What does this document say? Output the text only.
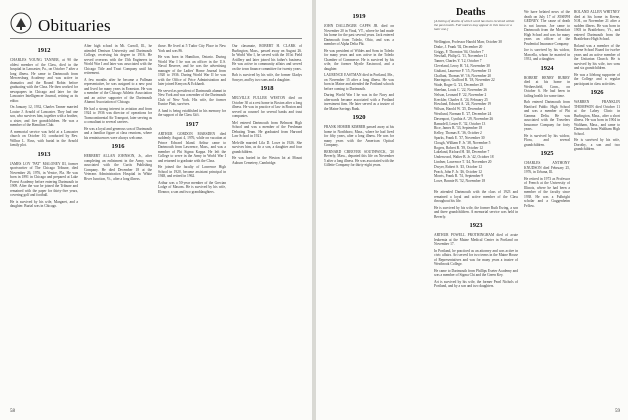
Obituaries
1912

CHARLES YOUNG TANNER, at 90 the oldest member of the Class, died in the hospital in Lancaster, Pa., on October 7 after a long illness. He came to Dartmouth from Mercersburg Academy and was active in dramatics and the Round Robin before graduating with the Class. He then worked for newspapers in Chicago and later for the Lancaster Intelligencer Journal, retiring as its editor.

On January 12, 1932, Charles Tanner married Louise J. Arnold of Lancaster. They had one son, who survives him, together with a brother, a sister, and five grandchildren. He was a member of the Hamilton Club.

A memorial service was held at a Lancaster church on October 10, conducted by Rev. Wilbur L. Ross, with burial in the Arnold family plot.

1913

JAMES LOY "PAT" MALONEY III, former sportswriter of The Chicago Tribune, died November 26, 1976, in Venice, Fla. He was born in 1891 in Chicago and prepared at Lake Forest Academy before entering Dartmouth in 1909. After the war he joined the Tribune and remained with the paper for thirty-five years, covering golf and football.

He is survived by his wife, Margaret, and a daughter. Burial was in Chicago.

After high school in Mt. Carroll, Ill., he attended Denison University and Dartmouth College, receiving his degree in 1916. He served overseas with the 15th Engineers in World War I and later was associated with the Chicago Title and Trust Company until his retirement.

A few months after he became a Pullman representative, he was assigned to a new post and lived for many years in Evanston. He was a member of the Chicago Athletic Association and an active supporter of the Dartmouth Alumni Association of Chicago.

He had a strong interest in aviation and from 1924 to 1936 was director of operations for Transcontinental Air Transport, later serving as a consultant to several carriers.

He was a loyal and generous son of Dartmouth and a familiar figure at class reunions, where his reminiscences were always welcome.

1916

HERBERT ALLAN JOHNSON, Jr., after completing an enlistment in the Army, was associated with the Curtis Publishing Company. He died December 18 at the Veterans Administration Hospital in White River Junction, Vt., after a long illness.

those. He lived at 5 Tudor City Place in New York and was 86.

He was born in Hamilton, Ontario. During World War I he was an officer in the U.S. Naval Reserve, and he was the advertising manager of the Ladies' Home Journal from 1920 to 1936. During World War II he was with the Office of Price Administration and later joined Kenyon & Eckhardt.

He served as president of Dartmouth alumni in New York and was a member of the Dartmouth Club of New York. His wife, the former Eunice Platt, survives.

A fund is being established in his memory for the support of the Class Gift.

1917

ARTHUR GORDON MARSDEN died suddenly August 4, 1976, while on vacation at Prince Edward Island. Arthur came to Dartmouth from Lawrence, Mass., and was a member of Phi Sigma Kappa. He left the College to serve in the Army in World War I and returned to graduate with the Class.

He joined the faculty of Lawrence High School in 1920, became assistant principal in 1948, and retired in 1962.

Arthur was a 50-year member of the Grecian Lodge of Masons. He is survived by his wife, Eleanor, a son and two granddaughters.

Our classmate, ROBERT H. CLARK of Burlington, Mass., passed away on August 26. In World War I, he served with the 101st Field Artillery and later joined his father's business. He was active in community affairs and served on the town finance committee for twenty years.

Bob is survived by his wife, the former Gladys Sawyer, and by two sons and a daughter.

1918

MELVILLE FULLER WESTON died on October 30 at a rest home in Boston after a long illness. He was in practice of law in Boston and served as counsel for several banks and trust companies.

Mel entered Dartmouth from Belmont High School and was a member of the Freshman Debating Team. He graduated from Harvard Law School in 1921.

Melville married Lila D. Lowe in 1926. She survives him, as do a son, a daughter and four grandchildren.

He was buried in the Weston lot at Mount Auburn Cemetery, Cambridge.

58
1919

JOHN DALLINGER CAPPS JR. died on November 20 in Vinal, VT., where he had made his home for the past several years. Jack entered Dartmouth from Toledo, Ohio, and was a member of Alpha Delta Phi.

He was president of Wildes and Sons in Toledo for many years and was active in the Toledo Chamber of Commerce. He is survived by his wife, the former Myrtle Eastwood, and a daughter.

LAURENCE EASTMAN died in Portland, Me., on November 15 after a long illness. He was born in Maine and attended the Portland schools before coming to Dartmouth.

During World War I he was in the Navy and afterwards became associated with a Portland investment firm. He later served as a trustee of the Maine Savings Bank.

1920

FRANK HOMER KIMBER passed away at his home in Northboro, Mass., where he had lived for fifty years, after a long illness. He was for many years with the American Optical Company.

BERNARD CREEVER SOUTHWICK, '20 Beverly, Mass., departed this life on November 5 after a long illness. He was associated with the Gillette Company for thirty-eight years.

Deaths
[A listing of deaths of which word has been received within the past month. Full notices may appear in this issue or a later one.]
Wellington, Professor Harold Marr, October 30
Drake, J. Frank '02, December 20
Griggs, F. Thornton '04, October 7
Newhall, Philip G. '11, November 11
Tanner, Charles Y. '12, October 7
Cleveland, Leroy H. '14, November 30
Giuliani, Laurence F. '15, November 13
Chalfant, Thomas W. '16, November 20
Harrington, Guilford R. '18, November 22
Wade, Roger G. '21, December 28
Sheehan, Louis C. '22, November 26
Nelson, Leonard F. '22, November 2
Kreckler, Charles A. '24, February 25
Howland, Edward A. '24, November 19
Wilson, Harold W. '25, December 4
Westlund, Norman E. '27, December 24
Davenport, Cynthia A. '29, November 26
Ramsdell, Lester E. '32, October 13
Rice, James R. '33, September 18
Kelley, Thomas E. '36, October 2
Sparks, Frank E. '37, November 30
Clough, William F. Jr. '38, November 5
Rogers, Robert B. '39, October 12
Lakeland, Richard H. '40, December 7
Underwood, Walter B. Jr. '42, October 18
Lindner, Lawrence T. '44, November 20
Dwyer, Robert S. '45, October 12
Peach, John F. Jr. '46, October 12
Morris, Frank R. '51, September 9
Lowe, Bonnie B. '52, November 18

He attended Dartmouth with the class of 1923 and remained a loyal and active member of the Class throughout his life.

He is survived by his wife, the former Ruth Ewing, a son and three grandchildren. A memorial service was held in Beverly.

1923

ARTHUR POWELL PROTHINGHAM died of acute leukemia at the Maine Medical Center in Portland on November 17.

In Portland, he practiced as an attorney and was active in civic affairs. Art served for two terms in the Maine House of Representatives and was for many years a trustee of Westbrook College.

He came to Dartmouth from Phillips Exeter Academy and was a member of Sigma Chi and the Green Key.

Art is survived by his wife, the former Pearl Nichols of Portland, and by a son and two daughters.

We have belated news of the death on July 17 of JOSEPH GEDNEY. The cause of death is not known. Joe came to Dartmouth from the Montclair High School and was for many years an officer of the Prudential Insurance Company.

Joe is survived by his widow, Marcella, whom he married in 1931, and a daughter.

1924

ROBERT HENRY BURRY died at his home in Wethersfield, Conn., on October 6. He had been in failing health for some time.

Bob entered Dartmouth from Hartford Public High School and was a member of Phi Gamma Delta. He was associated with the Travelers Insurance Company for forty years.

He is survived by his widow, Flora, and several grandchildren.

1925

CHARLES ANTHONY KNUDSON died February 25, 1976, in Urbana, Ill.

He retired in 1973 as Professor of French at the University of Illinois, where he had been a member of the faculty since 1938. He was a Fulbright scholar and a Guggenheim Fellow.

ROLAND ALLEN WHITNEY died at his home in Keene, N.H., on November 21 after a sudden illness. He was born in 1903 in Brattleboro, Vt., and entered Dartmouth from the Brattleboro High School.

Roland was a member of the Keene School Board for twelve years and an active member of the Unitarian Church. He is survived by his wife, two sons and six grandchildren.

He was a lifelong supporter of the College and a regular participant in class activities.

1926

WARREN FRANKLIN THOMPSON died October 11 at the Lahey Clinic in Burlington, Mass., after a short illness. He was born in 1904 in Waltham, Mass., and came to Dartmouth from Waltham High School.

He is survived by his wife, Dorothy, a son and two grandchildren.

59
